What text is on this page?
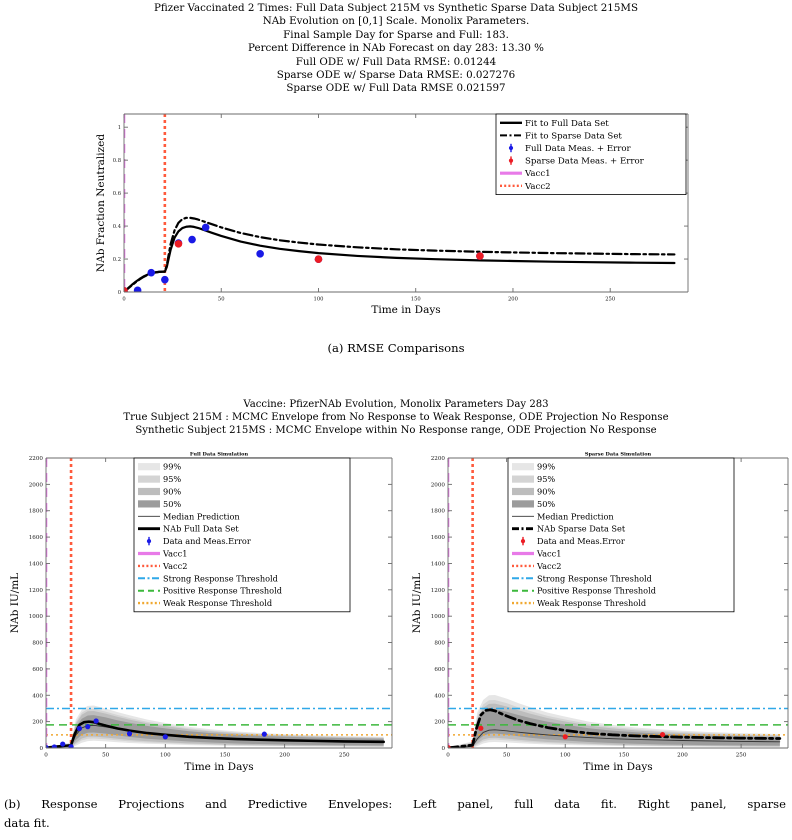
Pfizer Vaccinated 2 Times: Full Data Subject 215M vs Synthetic Sparse Data Subject 215MS
NAb Evolution on [0,1] Scale. Monolix Parameters.
Final Sample Day for Sparse and Full: 183.
Percent Difference in NAb Forecast on day 283: 13.30 %
Full ODE w/ Full Data RMSE: 0.01244
Sparse ODE w/ Sparse Data RMSE: 0.027276
Sparse ODE w/ Full Data RMSE 0.021597
0	50	100	150	200	250
0
0.2
0.4
0.6
0.8
1
Time in Days
NAb Fraction Neutralized
Fit to Full Data Set
Fit to Sparse Data Set
Full Data Meas. + Error
Sparse Data Meas. + Error
Vacc1
Vacc2
(a) RMSE Comparisons
Vaccine: PfizerNAb Evolution, Monolix Parameters Day 283
True Subject 215M : MCMC Envelope from No Response to Weak Response, ODE Projection No Response
Synthetic Subject 215MS : MCMC Envelope within No Response range, ODE Projection No Response
0	50	100	150	200	250
0
200
400
600
800
1000
1200
1400
1600
1800
2000
2200
Time in Days
NAb IU/mL
Full Data Simulation
99%
95%
90%
50%
Median Prediction
NAb Full Data Set
Data and Meas.Error
Vacc1
Vacc2
Strong Response Threshold
Positive Response Threshold
Weak Response Threshold
0	50	100	150	200	250
0
200
400
600
800
1000
1200
1400
1600
1800
2000
2200
Time in Days
NAb IU/mL
Sparse Data Simulation
99%
95%
90%
50%
Median Prediction
NAb Sparse Data Set
Data and Meas.Error
Vacc1
Vacc2
Strong Response Threshold
Positive Response Threshold
Weak Response Threshold
(b) Response Projections and Predictive Envelopes: Left panel, full data fit. Right panel, sparse
data fit.
